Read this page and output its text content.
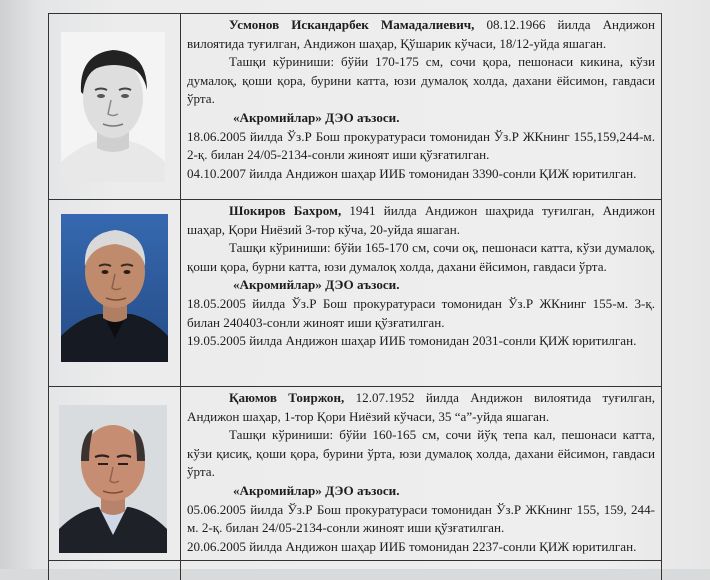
Усмонов Искандарбек Мамадалиевич, 08.12.1966 йилда Андижон вилоятида туғилган, Андижон шаҳар, Қўшарик кўчаси, 18/12-уйда яшаган.

Ташқи кўриниши: бўйи 170-175 см, сочи қора, пешонаси кикина, кўзи думалоқ, қоши қора, бурини катта, юзи думалоқ холда, дахани ёйсимон, гавдаси ўрта.

«Акромийлар» ДЭО аъзоси.

18.06.2005 йилда Ўз.Р Бош прокуратураси томонидан Ўз.Р ЖКнинг 155,159,244-м. 2-қ. билан 24/05-2134-сонли жиноят иши қўзғатилган.

04.10.2007 йилда Андижон шаҳар ИИБ томонидан 3390-сонли ҚИЖ юритилган.

Шокиров Бахром, 1941 йилда Андижон шаҳрида туғилган, Андижон шаҳар, Қори Ниёзий 3-тор кўча, 20-уйда яшаган.

Ташқи кўриниши: бўйи 165-170 см, сочи оқ, пешонаси катта, кўзи думалоқ, қоши қора, бурни катта, юзи думалоқ холда, дахани ёйсимон, гавдаси ўрта.

«Акромийлар» ДЭО аъзоси.

18.05.2005 йилда Ўз.Р Бош прокуратураси томонидан Ўз.Р ЖКнинг 155-м. 3-қ. билан 240403-сонли жиноят иши қўзғатилган.

19.05.2005 йилда Андижон шаҳар ИИБ томонидан 2031-сонли ҚИЖ юритилган.

Қаюмов Тоиржон, 12.07.1952 йилда Андижон вилоятида туғилган, Андижон шаҳар, 1-тор Қори Ниёзий кўчаси, 35 “а”-уйда яшаган.

Ташқи кўриниши: бўйи 160-165 см, сочи йўқ тепа кал, пешонаси катта, кўзи қисиқ, қоши қора, бурини ўрта, юзи думалоқ холда, дахани ёйсимон, гавдаси ўрта.

«Акромийлар» ДЭО аъзоси.

05.06.2005 йилда Ўз.Р Бош прокуратураси томонидан Ўз.Р ЖКнинг 155, 159, 244-м. 2-қ. билан 24/05-2134-сонли жиноят иши қўзғатилган.

20.06.2005 йилда Андижон шаҳар ИИБ томонидан 2237-сонли ҚИЖ юритилган.
